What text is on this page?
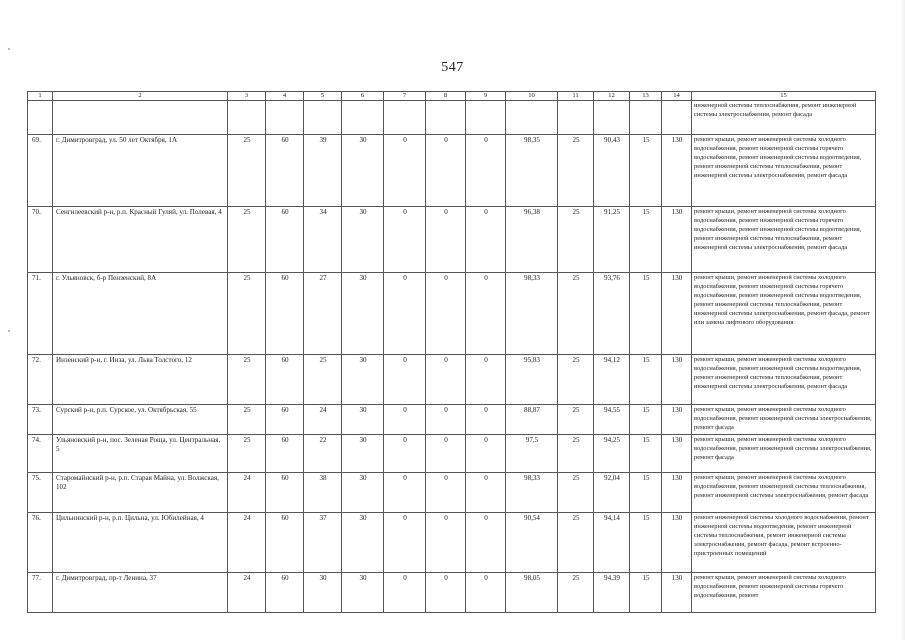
547
1	2	3	4	5	6	7	8	9	10	11	12	13	14	15
														инженерной системы теплоснабжения, ремонт инженерной системы электроснабжения, ремонт фасада
69.	г. Димитровград, ул. 50 лет Октября, 1А	25	60	39	30	0	0	0	98,35	25	90,43	15	130	ремонт крыши, ремонт инженерной системы холодного водоснабжения, ремонт инженерной системы горячего водоснабжения, ремонт инженерной системы водоотведения, ремонт инженерной системы теплоснабжения, ремонт инженерной системы электроснабжения, ремонт фасада
70.	Сенгилеевский р-н, р.п. Красный Гуляй, ул. Полевая, 4	25	60	34	30	0	0	0	96,38	25	91,25	15	130	ремонт крыши, ремонт инженерной системы холодного водоснабжения, ремонт инженерной системы горячего водоснабжения, ремонт инженерной системы водоотведения, ремонт инженерной системы теплоснабжения, ремонт инженерной системы электроснабжения, ремонт фасада
71.	г. Ульяновск, б-р Пензенский, 8А	25	60	27	30	0	0	0	98,33	25	93,76	15	130	ремонт крыши, ремонт инженерной системы холодного водоснабжения, ремонт инженерной системы горячего водоснабжения, ремонт инженерной системы водоотведения, ремонт инженерной системы теплоснабжения, ремонт инженерной системы электроснабжения, ремонт фасада, ремонт или замена лифтового оборудования
72.	Инзенский р-н, г. Инза, ул. Льва Толстого, 12	25	60	25	30	0	0	0	95,83	25	94,12	15	130	ремонт крыши, ремонт инженерной системы холодного водоснабжения, ремонт инженерной системы водоотведения, ремонт инженерной системы теплоснабжения, ремонт инженерной системы электроснабжения, ремонт фасада
73.	Сурский р-н, р.п. Сурское, ул. Октябрьская, 55	25	60	24	30	0	0	0	88,87	25	94,55	15	130	ремонт крыши, ремонт инженерной системы холодного водоснабжения, ремонт инженерной системы электроснабжения, ремонт фасада
74.	Ульяновский р-н, пос. Зеленая Роща, ул. Центральная, 5	25	60	22	30	0	0	0	97,5	25	94,25	15	130	ремонт крыши, ремонт инженерной системы холодного водоснабжения, ремонт инженерной системы электроснабжения, ремонт фасада
75.	Старомайнский р-н, р.п. Старая Майна, ул. Волжская, 102	24	60	38	30	0	0	0	98,33	25	92,04	15	130	ремонт крыши, ремонт инженерной системы холодного водоснабжения, ремонт инженерной системы теплоснабжения, ремонт инженерной системы электроснабжения, ремонт фасада
76.	Цильнинский р-н, р.п. Цильна, ул. Юбилейная, 4	24	60	37	30	0	0	0	90,54	25	94,14	15	130	ремонт инженерной системы холодного водоснабжения, ремонт инженерной системы водоотведения, ремонт инженерной системы теплоснабжения, ремонт инженерной системы электроснабжения, ремонт фасада, ремонт встроенно-пристроенных помещений
77.	г. Димитровград, пр-т Ленина, 37	24	60	30	30	0	0	0	98,05	25	94,39	15	130	ремонт крыши, ремонт инженерной системы холодного водоснабжения, ремонт инженерной системы горячего водоснабжения, ремонт
